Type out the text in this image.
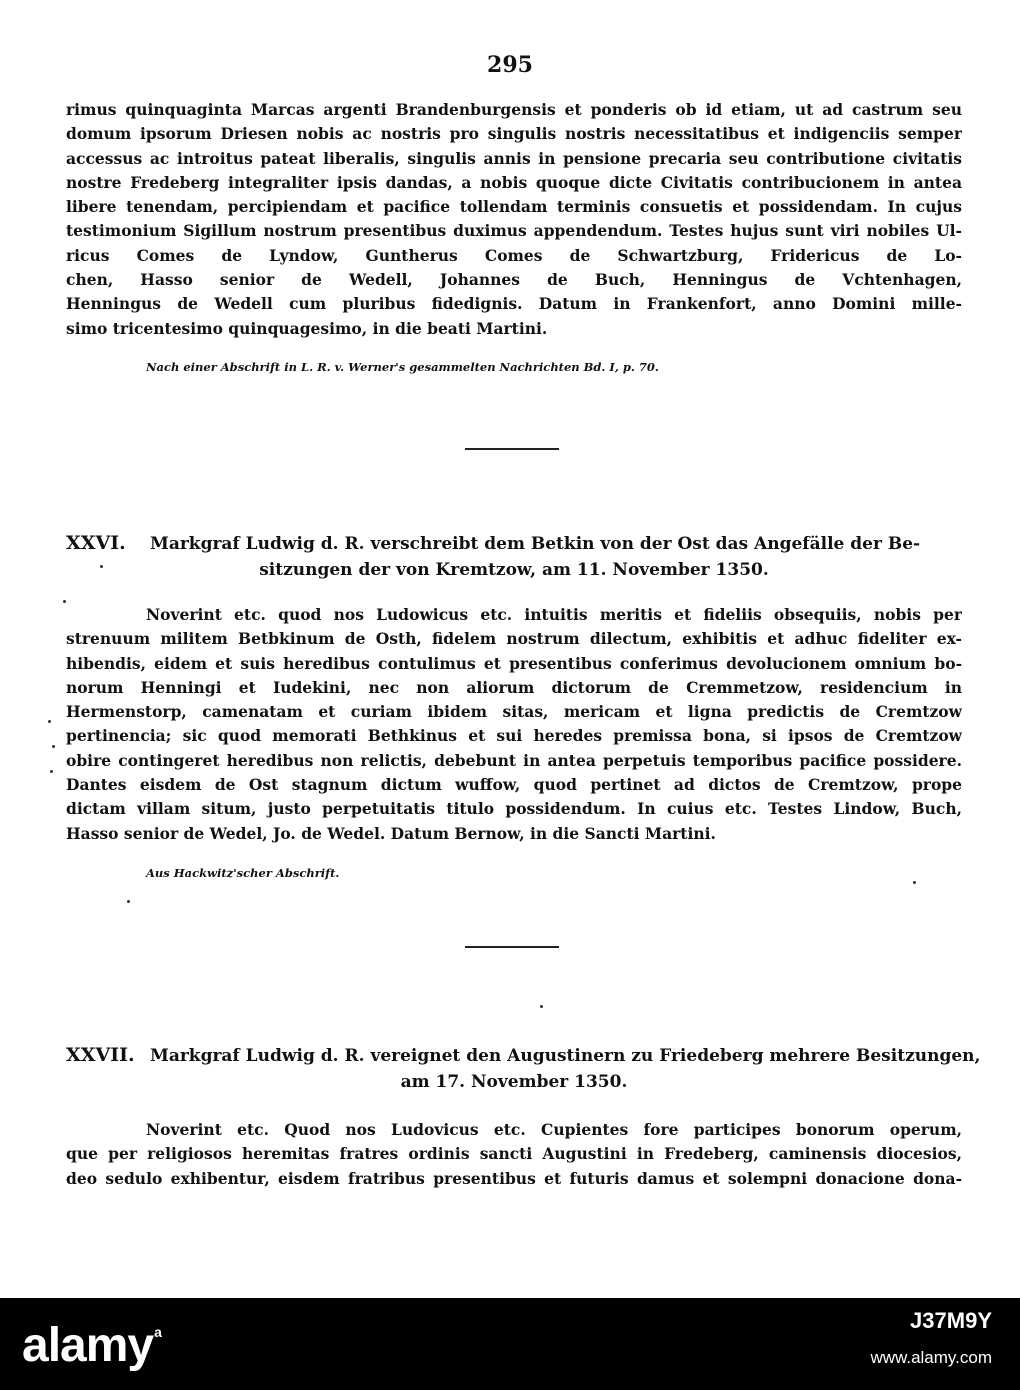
295
rimus quinquaginta Marcas argenti Brandenburgensis et ponderis ob id etiam, ut ad castrum seu
domum ipsorum Driesen nobis ac nostris pro singulis nostris necessitatibus et indigenciis semper
accessus ac introitus pateat liberalis, singulis annis in pensione precaria seu contributione civitatis
nostre Fredeberg integraliter ipsis dandas, a nobis quoque dicte Civitatis contribucionem in antea
libere tenendam, percipiendam et pacifice tollendam terminis consuetis et possidendam. In cujus
testimonium Sigillum nostrum presentibus duximus appendendum. Testes hujus sunt viri nobiles Ul-
ricus Comes de Lyndow, Guntherus Comes de Schwartzburg, Fridericus de Lo-
chen, Hasso senior de Wedell, Johannes de Buch, Henningus de Vchtenhagen,
Henningus de Wedell cum pluribus fidedignis. Datum in Frankenfort, anno Domini mille-
simo tricentesimo quinquagesimo, in die beati Martini.
Nach einer Abschrift in L. R. v. Werner's gesammelten Nachrichten Bd. I, p. 70.
XXVI. Markgraf Ludwig d. R. verschreibt dem Betkin von der Ost das Angefälle der Be-
sitzungen der von Kremtzow, am 11. November 1350.
Noverint etc. quod nos Ludowicus etc. intuitis meritis et fideliis obsequiis, nobis per
strenuum militem Betbkinum de Osth, fidelem nostrum dilectum, exhibitis et adhuc fideliter ex-
hibendis, eidem et suis heredibus contulimus et presentibus conferimus devolucionem omnium bo-
norum Henningi et Iudekini, nec non aliorum dictorum de Cremmetzow, residencium in
Hermenstorp, camenatam et curiam ibidem sitas, mericam et ligna predictis de Cremtzow
pertinencia; sic quod memorati Bethkinus et sui heredes premissa bona, si ipsos de Cremtzow
obire contingeret heredibus non relictis, debebunt in antea perpetuis temporibus pacifice possidere.
Dantes eisdem de Ost stagnum dictum wuffow, quod pertinet ad dictos de Cremtzow, prope
dictam villam situm, justo perpetuitatis titulo possidendum. In cuius etc. Testes Lindow, Buch,
Hasso senior de Wedel, Jo. de Wedel. Datum Bernow, in die Sancti Martini.
Aus Hackwitz'scher Abschrift.
XXVII. Markgraf Ludwig d. R. vereignet den Augustinern zu Friedeberg mehrere Besitzungen,
am 17. November 1350.
Noverint etc. Quod nos Ludovicus etc. Cupientes fore participes bonorum operum,
que per religiosos heremitas fratres ordinis sancti Augustini in Fredeberg, caminensis diocesios,
deo sedulo exhibentur, eisdem fratribus presentibus et futuris damus et solempni donacione dona-
alamy$^a$	J37M9Y
www.alamy.com
